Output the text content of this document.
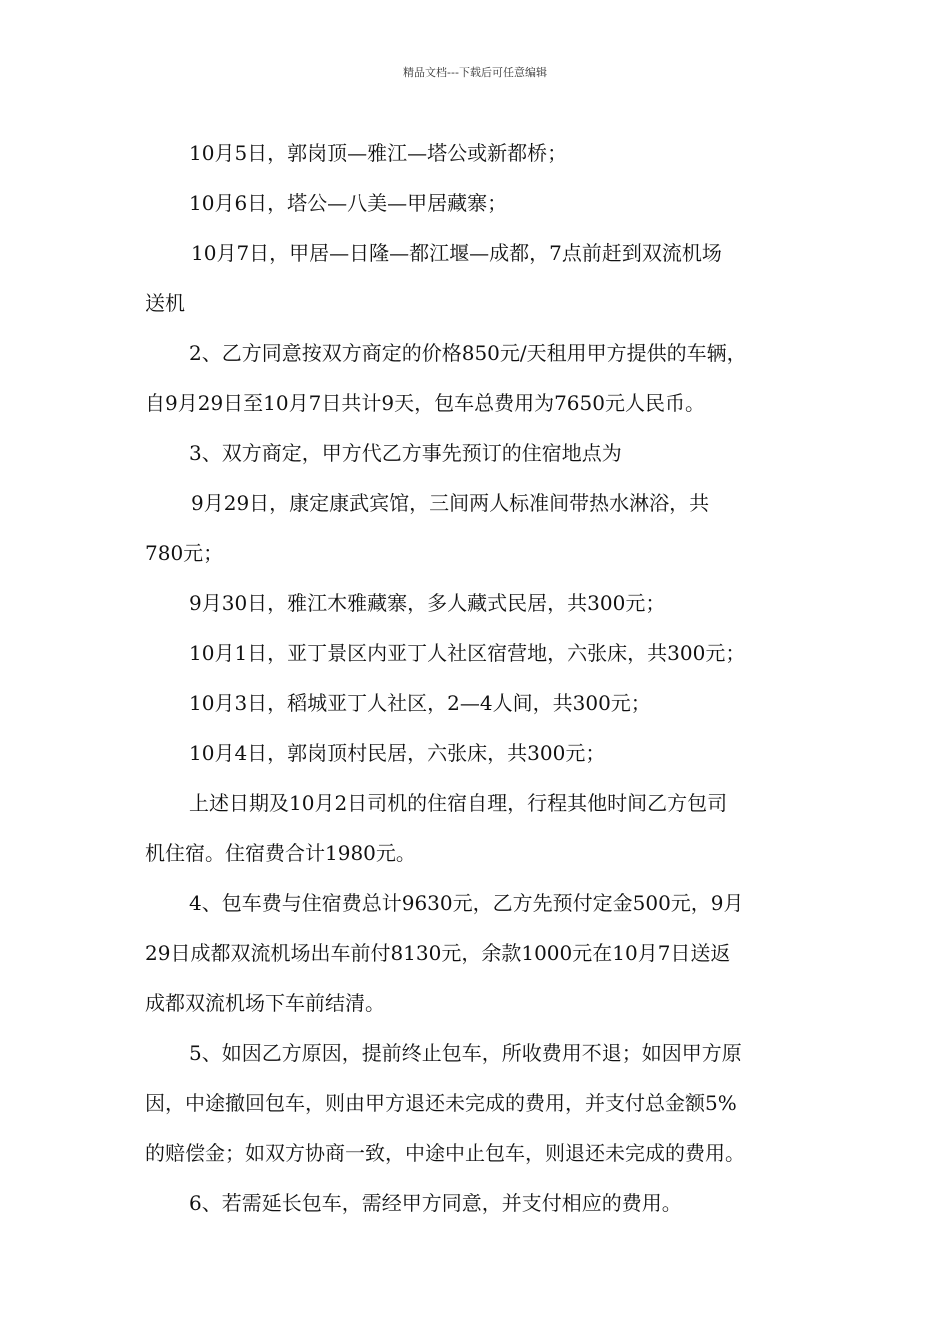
精品文档---下载后可任意编辑
10月5日，郭岗顶—雅江—塔公或新都桥；
10月6日，塔公—八美—甲居藏寨；
10月7日，甲居—日隆—都江堰—成都，7点前赶到双流机场
送机
2、乙方同意按双方商定的价格850元/天租用甲方提供的车辆，
自9月29日至10月7日共计9天，包车总费用为7650元人民币。
3、双方商定，甲方代乙方事先预订的住宿地点为
9月29日，康定康武宾馆，三间两人标准间带热水淋浴，共
780元；
9月30日，雅江木雅藏寨，多人藏式民居，共300元；
10月1日，亚丁景区内亚丁人社区宿营地，六张床，共300元；
10月3日，稻城亚丁人社区，2—4人间，共300元；
10月4日，郭岗顶村民居，六张床，共300元；
上述日期及10月2日司机的住宿自理，行程其他时间乙方包司
机住宿。住宿费合计1980元。
4、包车费与住宿费总计9630元，乙方先预付定金500元，9月
29日成都双流机场出车前付8130元，余款1000元在10月7日送返
成都双流机场下车前结清。
5、如因乙方原因，提前终止包车，所收费用不退；如因甲方原
因，中途撤回包车，则由甲方退还未完成的费用，并支付总金额5%
的赔偿金；如双方协商一致，中途中止包车，则退还未完成的费用。
6、若需延长包车，需经甲方同意，并支付相应的费用。
